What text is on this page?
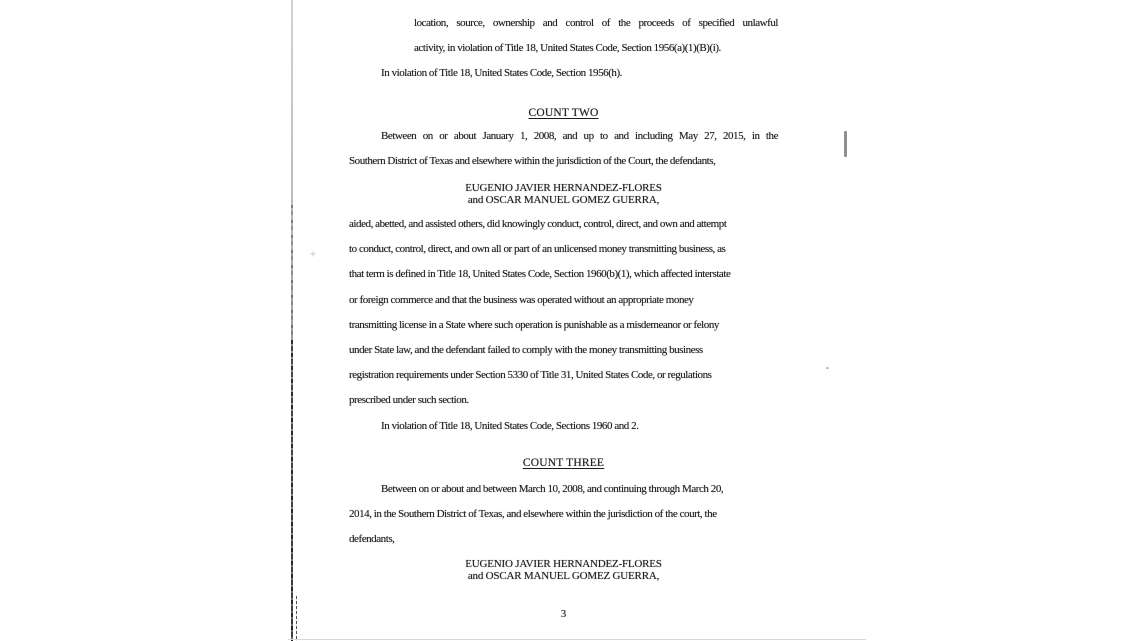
+
location, source, ownership and control of the proceeds of specified unlawful
activity, in violation of Title 18, United States Code, Section 1956(a)(1)(B)(i).
In violation of Title 18, United States Code, Section 1956(h).
COUNT TWO
Between on or about January 1, 2008, and up to and including May 27, 2015, in the
Southern District of Texas and elsewhere within the jurisdiction of the Court, the defendants,
EUGENIO JAVIER HERNANDEZ-FLORES
and OSCAR MANUEL GOMEZ GUERRA,
aided, abetted, and assisted others, did knowingly conduct, control, direct, and own and attempt
to conduct, control, direct, and own all or part of an unlicensed money transmitting business, as
that term is defined in Title 18, United States Code, Section 1960(b)(1), which affected interstate
or foreign commerce and that the business was operated without an appropriate money
transmitting license in a State where such operation is punishable as a misdemeanor or felony
under State law, and the defendant failed to comply with the money transmitting business
registration requirements under Section 5330 of Title 31, United States Code, or regulations
prescribed under such section.
In violation of Title 18, United States Code, Sections 1960 and 2.
COUNT THREE
Between on or about and between March 10, 2008, and continuing through March 20,
2014, in the Southern District of Texas, and elsewhere within the jurisdiction of the court, the
defendants,
EUGENIO JAVIER HERNANDEZ-FLORES
and OSCAR MANUEL GOMEZ GUERRA,
3
